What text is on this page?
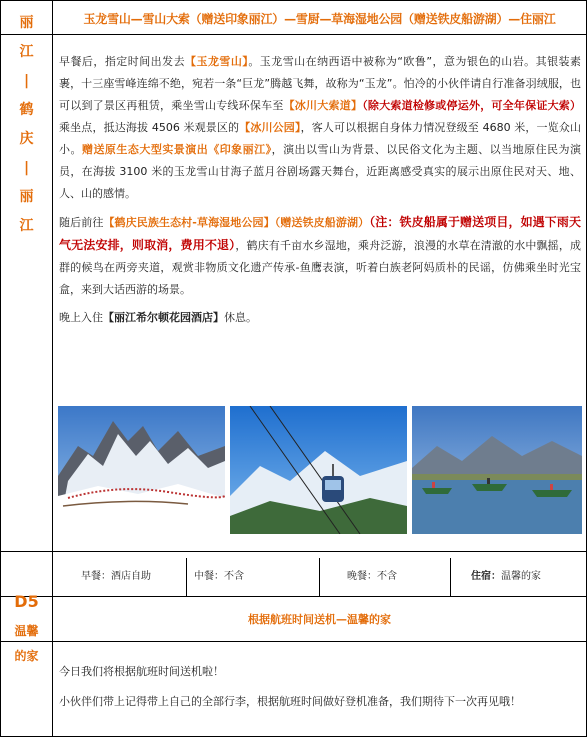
丽
江
|
鹤
庆
|
丽
江
玉龙雪山—雪山大索（赠送印象丽江）—雪厨—草海湿地公园（赠送铁皮船游湖）—住丽江

早餐后，指定时间出发去【玉龙雪山】。玉龙雪山在纳西语中被称为“欧鲁”，意为银色的山岩。其银装素裹，十三座雪峰连绵不绝，宛若一条“巨龙”腾越飞舞，故称为“玉龙”。怕冷的小伙伴请自行准备羽绒服，也可以到了景区再租赁，乘坐雪山专线环保车至【冰川大索道】（除大索道检修或停运外，可全年保证大索）乘坐点，抵达海拔 4506 米观景区的【冰川公园】，客人可以根据自身体力情况登级至 4680 米，一览众山小。赠送原生态大型实景演出《印象丽江》，演出以雪山为背景、以民俗文化为主题、以当地原住民为演员，在海拔 3100 米的玉龙雪山甘海子蓝月谷剧场露天舞台，近距离感受真实的展示出原住民对天、地、人、山的感情。

随后前往【鹤庆民族生态村-草海湿地公园】（赠送铁皮船游湖）（注：铁皮船属于赠送项目，如遇下雨天气无法安排，则取消，费用不退），鹤庆有千亩水乡湿地，乘舟泛游，浪漫的水草在清澈的水中飘摇，成群的候鸟在两旁夹道，观赏非物质文化遗产传承-鱼鹰表演，听着白族老阿妈质朴的民谣，仿佛乘坐时光宝盒，来到大话西游的场景。

晚上入住【丽江希尔顿花园酒店】休息。

D5
温馨
的家
早餐：酒店自助	中餐：不含	晚餐：不含	住宿：温馨的家
根据航班时间送机—温馨的家

今日我们将根据航班时间送机啦！

小伙伴们带上记得带上自己的全部行李，根据航班时间做好登机准备，我们期待下一次再见哦！
